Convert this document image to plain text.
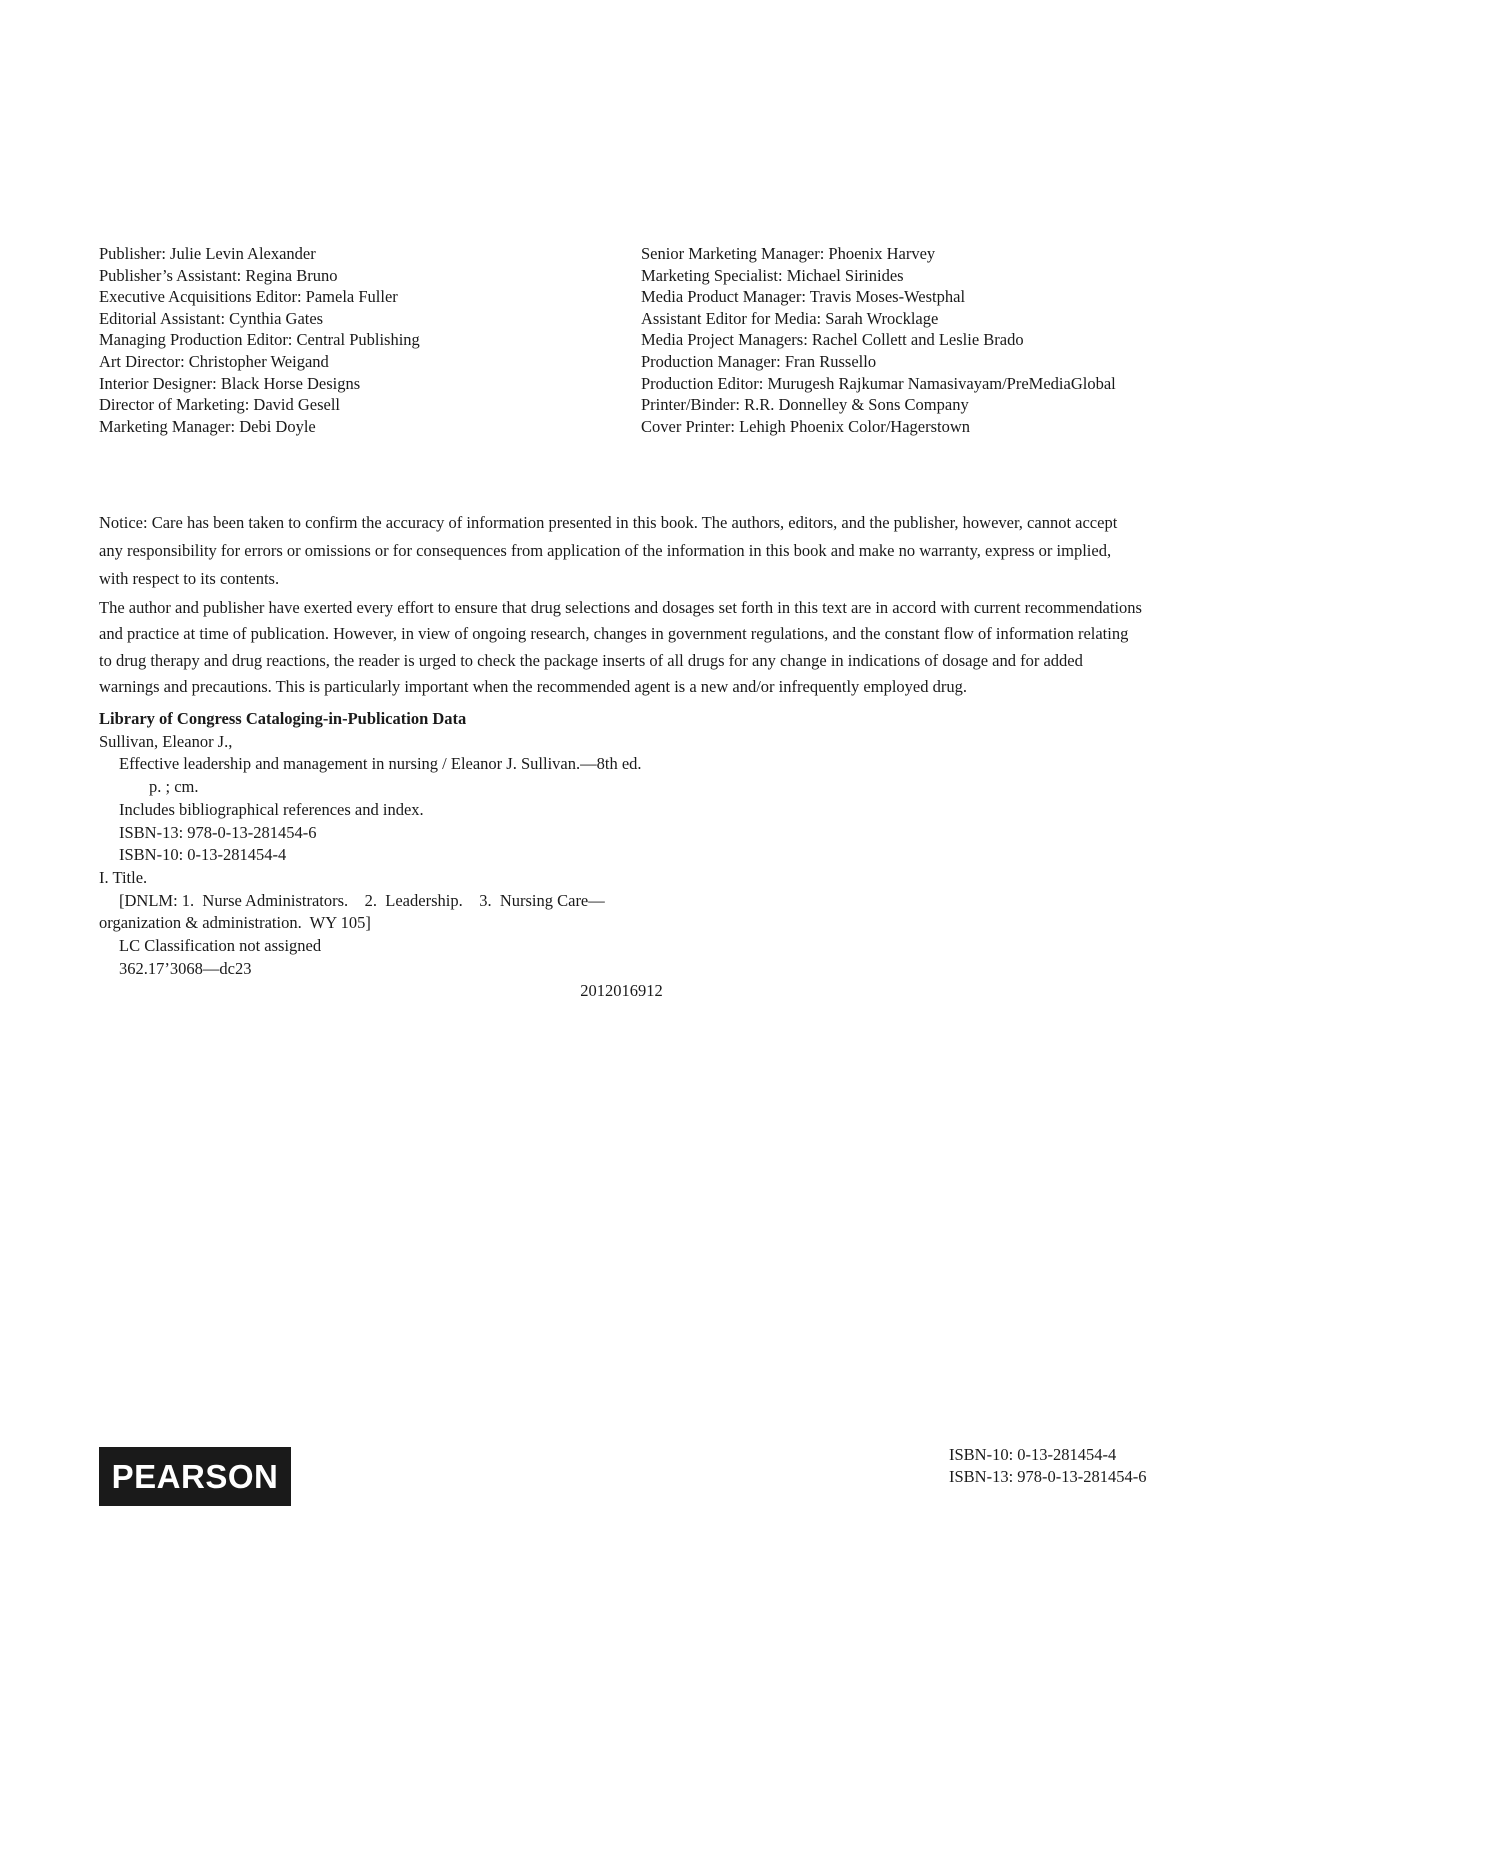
Publisher: Julie Levin Alexander
Publisher’s Assistant: Regina Bruno
Executive Acquisitions Editor: Pamela Fuller
Editorial Assistant: Cynthia Gates
Managing Production Editor: Central Publishing
Art Director: Christopher Weigand
Interior Designer: Black Horse Designs
Director of Marketing: David Gesell
Marketing Manager: Debi Doyle
Senior Marketing Manager: Phoenix Harvey
Marketing Specialist: Michael Sirinides
Media Product Manager: Travis Moses-Westphal
Assistant Editor for Media: Sarah Wrocklage
Media Project Managers: Rachel Collett and Leslie Brado
Production Manager: Fran Russello
Production Editor: Murugesh Rajkumar Namasivayam/PreMediaGlobal
Printer/Binder: R.R. Donnelley & Sons Company
Cover Printer: Lehigh Phoenix Color/Hagerstown

Notice: Care has been taken to confirm the accuracy of information presented in this book. The authors, editors, and the publisher, however, cannot accept any responsibility for errors or omissions or for consequences from application of the information in this book and make no warranty, express or implied, with respect to its contents.

The author and publisher have exerted every effort to ensure that drug selections and dosages set forth in this text are in accord with current recommendations and practice at time of publication. However, in view of ongoing research, changes in government regulations, and the constant flow of information relating to drug therapy and drug reactions, the reader is urged to check the package inserts of all drugs for any change in indications of dosage and for added warnings and precautions. This is particularly important when the recommended agent is a new and/or infrequently employed drug.

Library of Congress Cataloging-in-Publication Data
Sullivan, Eleanor J.,
Effective leadership and management in nursing / Eleanor J. Sullivan.—8th ed.
p. ; cm.
Includes bibliographical references and index.
ISBN-13: 978-0-13-281454-6
ISBN-10: 0-13-281454-4
I. Title.
[DNLM: 1.  Nurse Administrators.    2.  Leadership.    3.  Nursing Care—
organization & administration.  WY 105]
LC Classification not assigned
362.17’3068—dc23
2012016912
PEARSON
ISBN-10: 0-13-281454-4
ISBN-13: 978-0-13-281454-6
